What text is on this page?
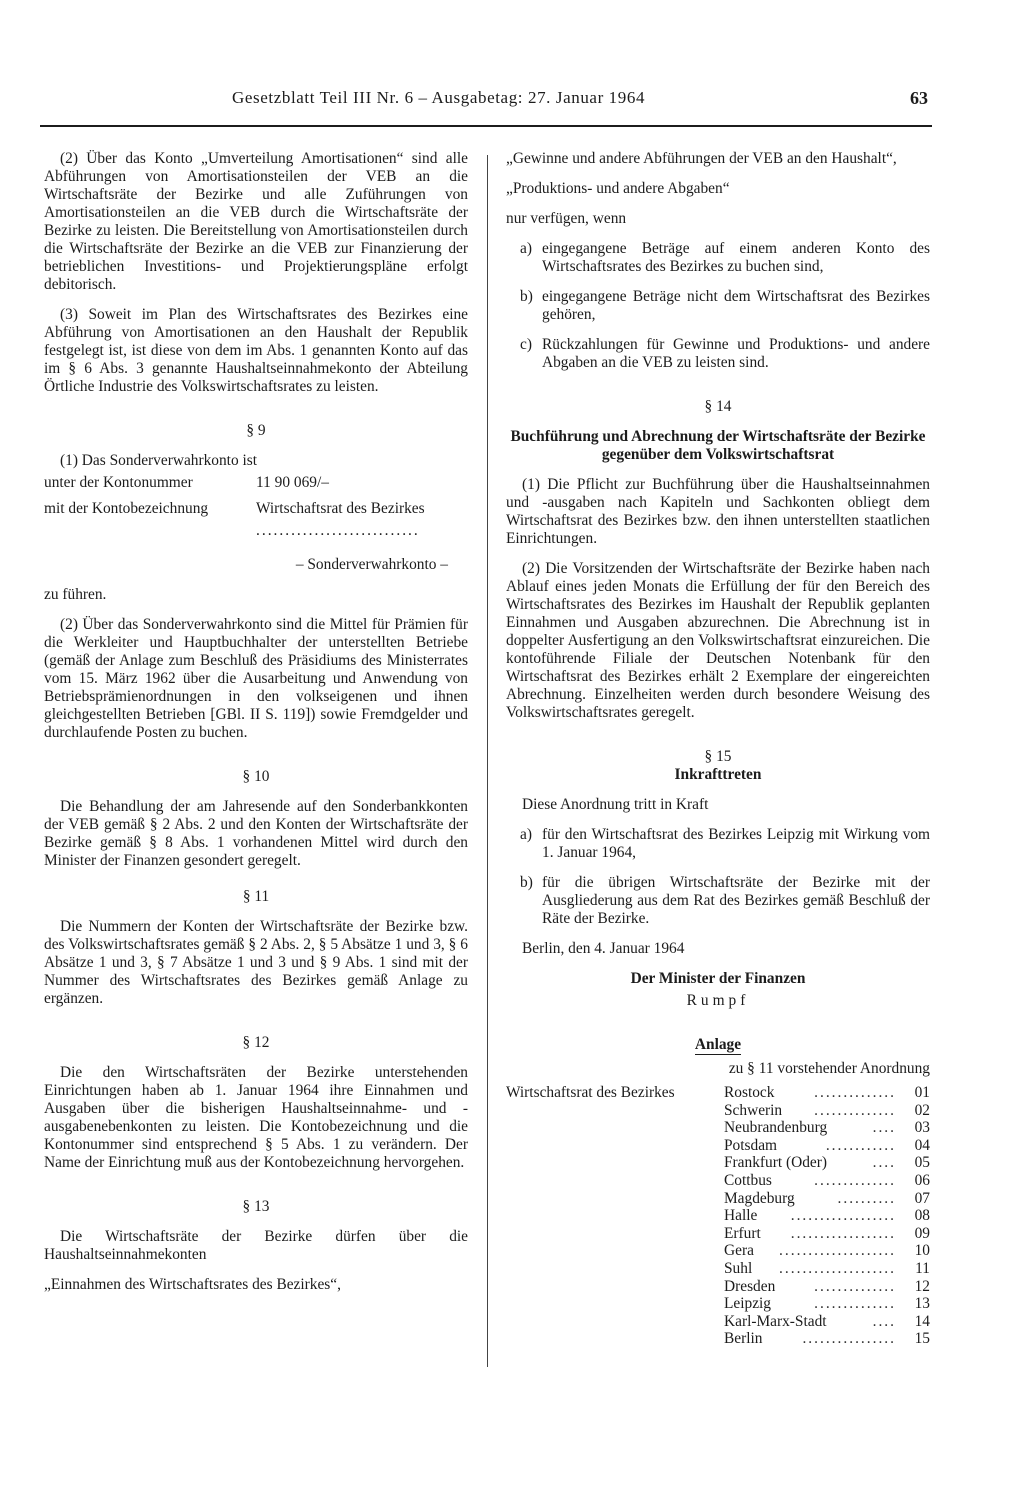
Gesetzblatt Teil III Nr. 6 – Ausgabetag: 27. Januar 1964	63

(2) Über das Konto „Umverteilung Amortisationen“ sind alle Abführungen von Amortisationsteilen der VEB an die Wirtschaftsräte der Bezirke und alle Zuführungen von Amortisationsteilen an die VEB durch die Wirtschaftsräte der Bezirke zu leisten. Die Bereitstellung von Amortisationsteilen durch die Wirtschaftsräte der Bezirke an die VEB zur Finanzierung der betrieblichen Investitions- und Projektierungspläne erfolgt debitorisch.

(3) Soweit im Plan des Wirtschaftsrates des Bezirkes eine Abführung von Amortisationen an den Haushalt der Republik festgelegt ist, ist diese von dem im Abs. 1 genannten Konto auf das im § 6 Abs. 3 genannte Haushaltseinnahmekonto der Abteilung Örtliche Industrie des Volkswirtschaftsrates zu leisten.

§ 9

(1) Das Sonderverwahrkonto ist

unter der Kontonummer	11 90 069/–
mit der Kontobezeichnung	Wirtschaftsrat des Bezirkes
............................

– Sonderverwahrkonto –

zu führen.

(2) Über das Sonderverwahrkonto sind die Mittel für Prämien für die Werkleiter und Hauptbuchhalter der unterstellten Betriebe (gemäß der Anlage zum Beschluß des Präsidiums des Ministerrates vom 15. März 1962 über die Ausarbeitung und Anwendung von Betriebsprämienordnungen in den volkseigenen und ihnen gleichgestellten Betrieben [GBl. II S. 119]) sowie Fremdgelder und durchlaufende Posten zu buchen.

§ 10

Die Behandlung der am Jahresende auf den Sonderbankkonten der VEB gemäß § 2 Abs. 2 und den Konten der Wirtschaftsräte der Bezirke gemäß § 8 Abs. 1 vorhandenen Mittel wird durch den Minister der Finanzen gesondert geregelt.

§ 11

Die Nummern der Konten der Wirtschaftsräte der Bezirke bzw. des Volkswirtschaftsrates gemäß § 2 Abs. 2, § 5 Absätze 1 und 3, § 6 Absätze 1 und 3, § 7 Absätze 1 und 3 und § 9 Abs. 1 sind mit der Nummer des Wirtschaftsrates des Bezirkes gemäß Anlage zu ergänzen.

§ 12

Die den Wirtschaftsräten der Bezirke unterstehenden Einrichtungen haben ab 1. Januar 1964 ihre Einnahmen und Ausgaben über die bisherigen Haushaltseinnahme- und -ausgabenebenkonten zu leisten. Die Kontobezeichnung und die Kontonummer sind entsprechend § 5 Abs. 1 zu verändern. Der Name der Einrichtung muß aus der Kontobezeichnung hervorgehen.

§ 13

Die Wirtschaftsräte der Bezirke dürfen über die Haushaltseinnahmekonten

„Einnahmen des Wirtschaftsrates des Bezirkes“,

„Gewinne und andere Abführungen der VEB an den Haushalt“,

„Produktions- und andere Abgaben“

nur verfügen, wenn

a) eingegangene Beträge auf einem anderen Konto des Wirtschaftsrates des Bezirkes zu buchen sind,

b) eingegangene Beträge nicht dem Wirtschaftsrat des Bezirkes gehören,

c) Rückzahlungen für Gewinne und Produktions- und andere Abgaben an die VEB zu leisten sind.

§ 14

Buchführung und Abrechnung der Wirtschaftsräte der Bezirke gegenüber dem Volkswirtschaftsrat

(1) Die Pflicht zur Buchführung über die Haushaltseinnahmen und -ausgaben nach Kapiteln und Sachkonten obliegt dem Wirtschaftsrat des Bezirkes bzw. den ihnen unterstellten staatlichen Einrichtungen.

(2) Die Vorsitzenden der Wirtschaftsräte der Bezirke haben nach Ablauf eines jeden Monats die Erfüllung der für den Bereich des Wirtschaftsrates des Bezirkes im Haushalt der Republik geplanten Einnahmen und Ausgaben abzurechnen. Die Abrechnung ist in doppelter Ausfertigung an den Volkswirtschaftsrat einzureichen. Die kontoführende Filiale der Deutschen Notenbank für den Wirtschaftsrat des Bezirkes erhält 2 Exemplare der eingereichten Abrechnung. Einzelheiten werden durch besondere Weisung des Volkswirtschaftsrates geregelt.

§ 15

Inkrafttreten

Diese Anordnung tritt in Kraft

a) für den Wirtschaftsrat des Bezirkes Leipzig mit Wirkung vom 1. Januar 1964,

b) für die übrigen Wirtschaftsräte der Bezirke mit der Ausgliederung aus dem Rat des Bezirkes gemäß Beschluß der Räte der Bezirke.

Berlin, den 4. Januar 1964

Der Minister der Finanzen

Rumpf

Anlage

zu § 11 vorstehender Anordnung

Wirtschaftsrat des Bezirkes	Rostock	.............. 01
Schwerin	.............. 02
Neubrandenburg	.... 03
Potsdam	............ 04
Frankfurt (Oder)	.... 05
Cottbus	.............. 06
Magdeburg	.......... 07
Halle	.................. 08
Erfurt	.................. 09
Gera	.................... 10
Suhl	.................... 11
Dresden	.............. 12
Leipzig	.............. 13
Karl-Marx-Stadt	.... 14
Berlin	................ 15
